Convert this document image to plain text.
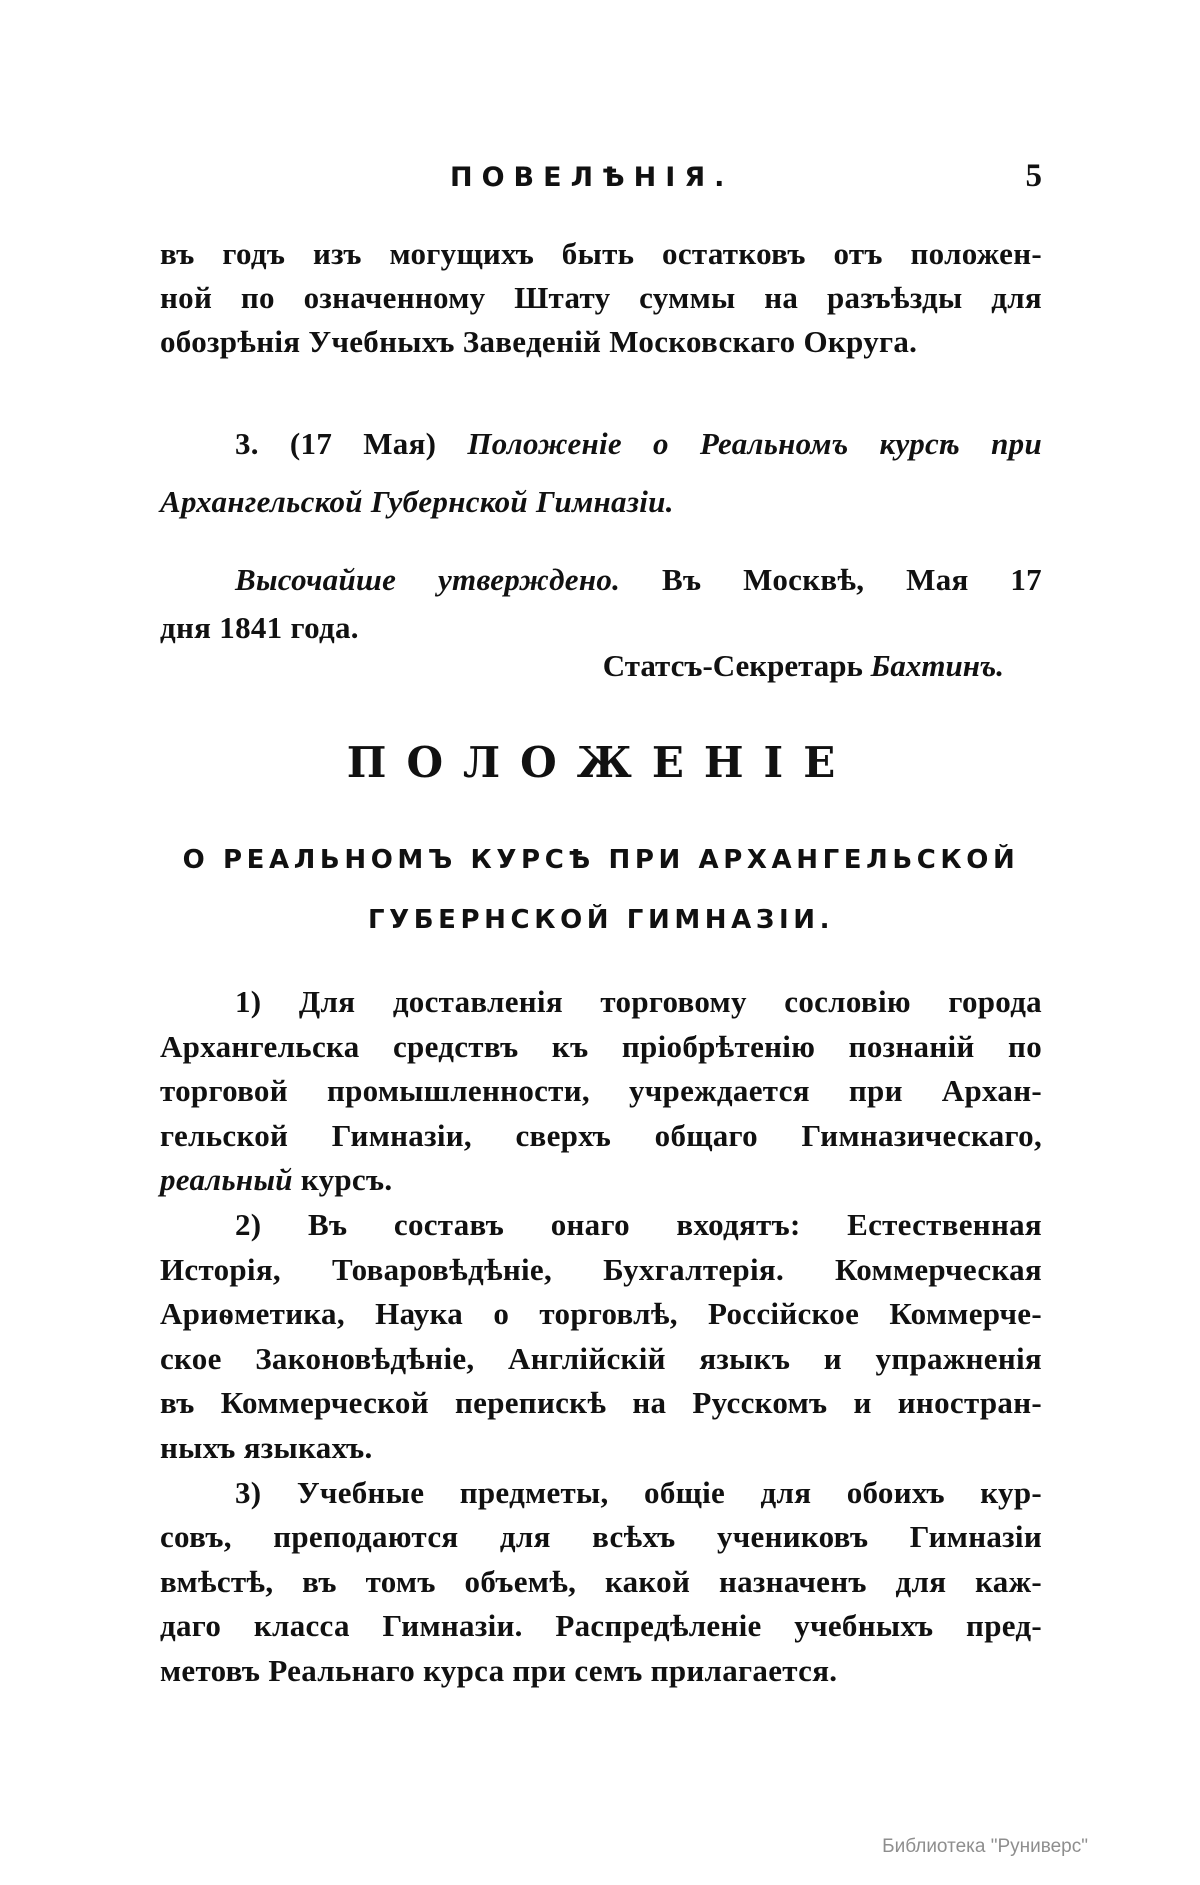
ПОВЕЛѢНІЯ.	5
въ годъ изъ могущихъ быть остатковъ отъ положен-
ной по означенному Штату суммы на разъѣзды для
обозрѣнія Учебныхъ Заведеній Московскаго Округа.
3. (17 Мая) Положеніе о Реальномъ курсѣ при
Архангельской Губернской Гимназіи.
Высочайше утверждено. Въ Москвѣ, Мая 17
дня 1841 года.
Статсъ-Секретарь Бахтинъ.
ПОЛОЖЕНІЕ
О РЕАЛЬНОМЪ КУРСѢ ПРИ АРХАНГЕЛЬСКОЙ
ГУБЕРНСКОЙ ГИМНАЗІИ.
1) Для доставленія торговому сословію города
Архангельска средствъ къ пріобрѣтенію познаній по
торговой промышленности, учреждается при Архан-
гельской Гимназіи, сверхъ общаго Гимназическаго,
реальный курсъ.
2) Въ составъ онаго входятъ: Естественная
Исторія, Товаровѣдѣніе, Бухгалтерія. Коммерческая
Ариѳметика, Наука о торговлѣ, Россійское Коммерче-
ское Законовѣдѣніе, Англійскій языкъ и упражненія
въ Коммерческой перепискѣ на Русскомъ и иностран-
ныхъ языкахъ.
3) Учебные предметы, общіе для обоихъ кур-
совъ, преподаются для всѣхъ учениковъ Гимназіи
вмѣстѣ, въ томъ объемѣ, какой назначенъ для каж-
даго класса Гимназіи. Распредѣленіе учебныхъ пред-
метовъ Реальнаго курса при семъ прилагается.
Библиотека "Руниверс"
